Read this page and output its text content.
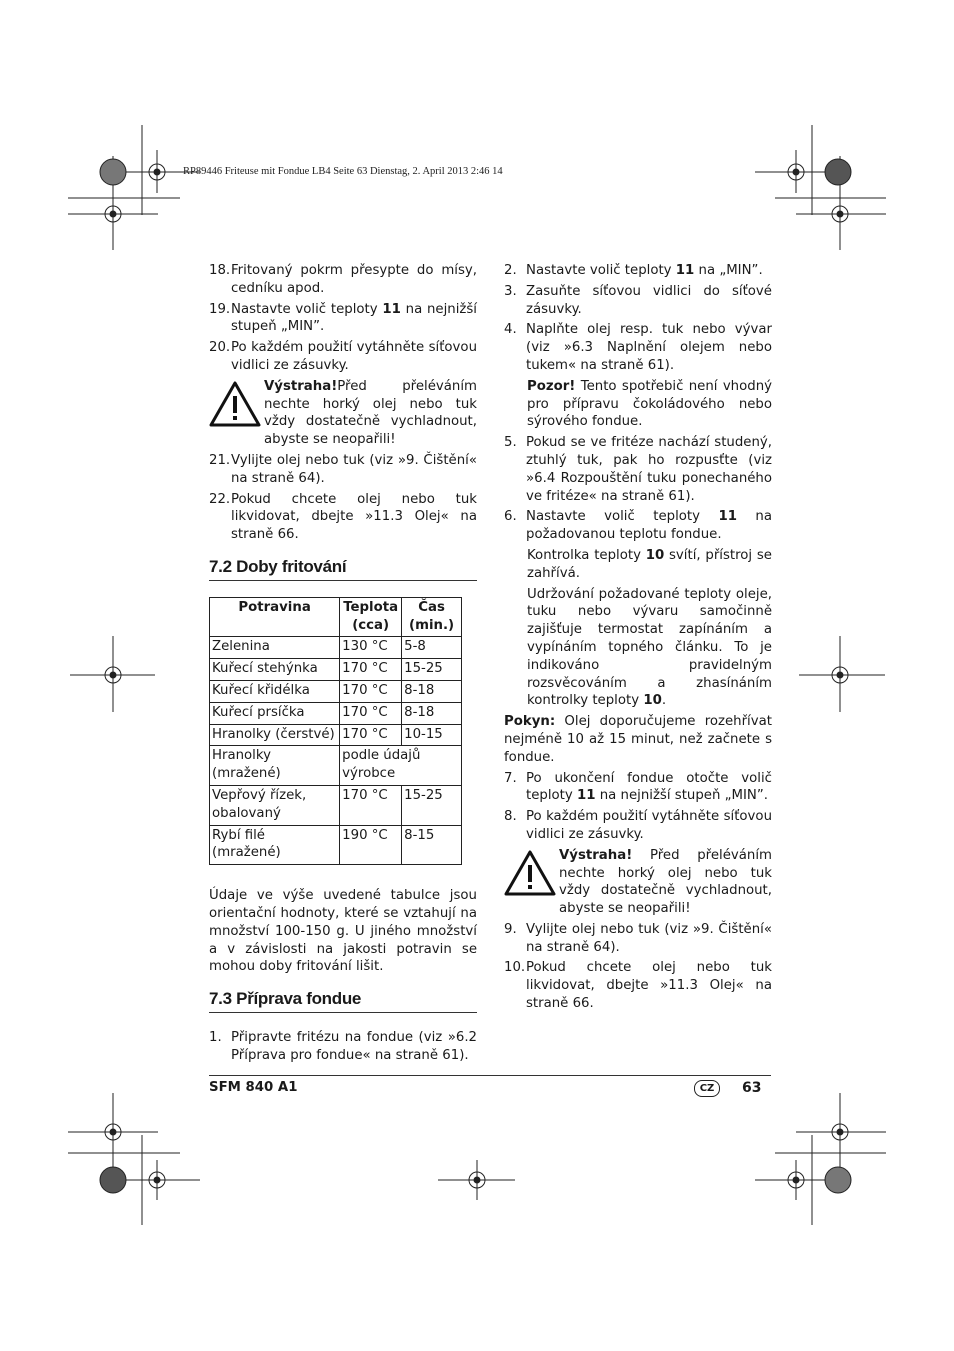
RP89446 Friteuse mit Fondue LB4 Seite 63 Dienstag, 2. April 2013 2:46 14
18. Fritovaný pokrm přesypte do mísy, cedníku apod.
19. Nastavte volič teploty 11 na nejnižší stupeň „MIN”.
20. Po každém použití vytáhněte síťovou vidlici ze zásuvky.
Výstraha!Před přeléváním nechte horký olej nebo tuk vždy dostatečně vychladnout, abyste se neopařili!
21. Vylijte olej nebo tuk (viz »9. Čištění« na straně 64).
22. Pokud chcete olej nebo tuk likvidovat, dbejte »11.3 Olej« na straně 66.
7.2 Doby fritování
Potravina	Teplota (cca)	Čas (min.)
Zelenina	130 °C	5-8
Kuřecí stehýnka	170 °C	15-25
Kuřecí křidélka	170 °C	8-18
Kuřecí prsíčka	170 °C	8-18
Hranolky (čerstvé)	170 °C	10-15
Hranolky (mražené)	podle údajů výrobce	
Vepřový řízek, obalovaný	170 °C	15-25
Rybí filé (mražené)	190 °C	8-15
Údaje ve výše uvedené tabulce jsou orientační hodnoty, které se vztahují na množství 100-150 g. U jiného množství a v závislosti na jakosti potravin se mohou doby fritování lišit.
7.3 Příprava fondue
1. Připravte fritézu na fondue (viz »6.2 Příprava pro fondue« na straně 61).
2. Nastavte volič teploty 11 na „MIN”.
3. Zasuňte síťovou vidlici do síťové zásuvky.
4. Naplňte olej resp. tuk nebo vývar (viz »6.3 Naplnění olejem nebo tukem« na straně 61).
Pozor! Tento spotřebič není vhodný pro přípravu čokoládového nebo sýrového fondue.
5. Pokud se ve fritéze nachází studený, ztuhlý tuk, pak ho rozpusťte (viz »6.4 Rozpouštění tuku ponechaného ve fritéze« na straně 61).
6. Nastavte volič teploty 11 na požadovanou teplotu fondue.
Kontrolka teploty 10 svítí, přístroj se zahřívá.
Udržování požadované teploty oleje, tuku nebo vývaru samočinně zajišťuje termostat zapínáním a vypínáním topného článku. To je indikováno pravidelným rozsvěcováním a zhasínáním kontrolky teploty 10.
Pokyn: Olej doporučujeme rozehřívat nejméně 10 až 15 minut, než začnete s fondue.
7. Po ukončení fondue otočte volič teploty 11 na nejnižší stupeň „MIN”.
8. Po každém použití vytáhněte síťovou vidlici ze zásuvky.
Výstraha! Před přeléváním nechte horký olej nebo tuk vždy dostatečně vychladnout, abyste se neopařili!
9. Vylijte olej nebo tuk (viz »9. Čištění« na straně 64).
10. Pokud chcete olej nebo tuk likvidovat, dbejte »11.3 Olej« na straně 66.
SFM 840 A1	CZ	63
